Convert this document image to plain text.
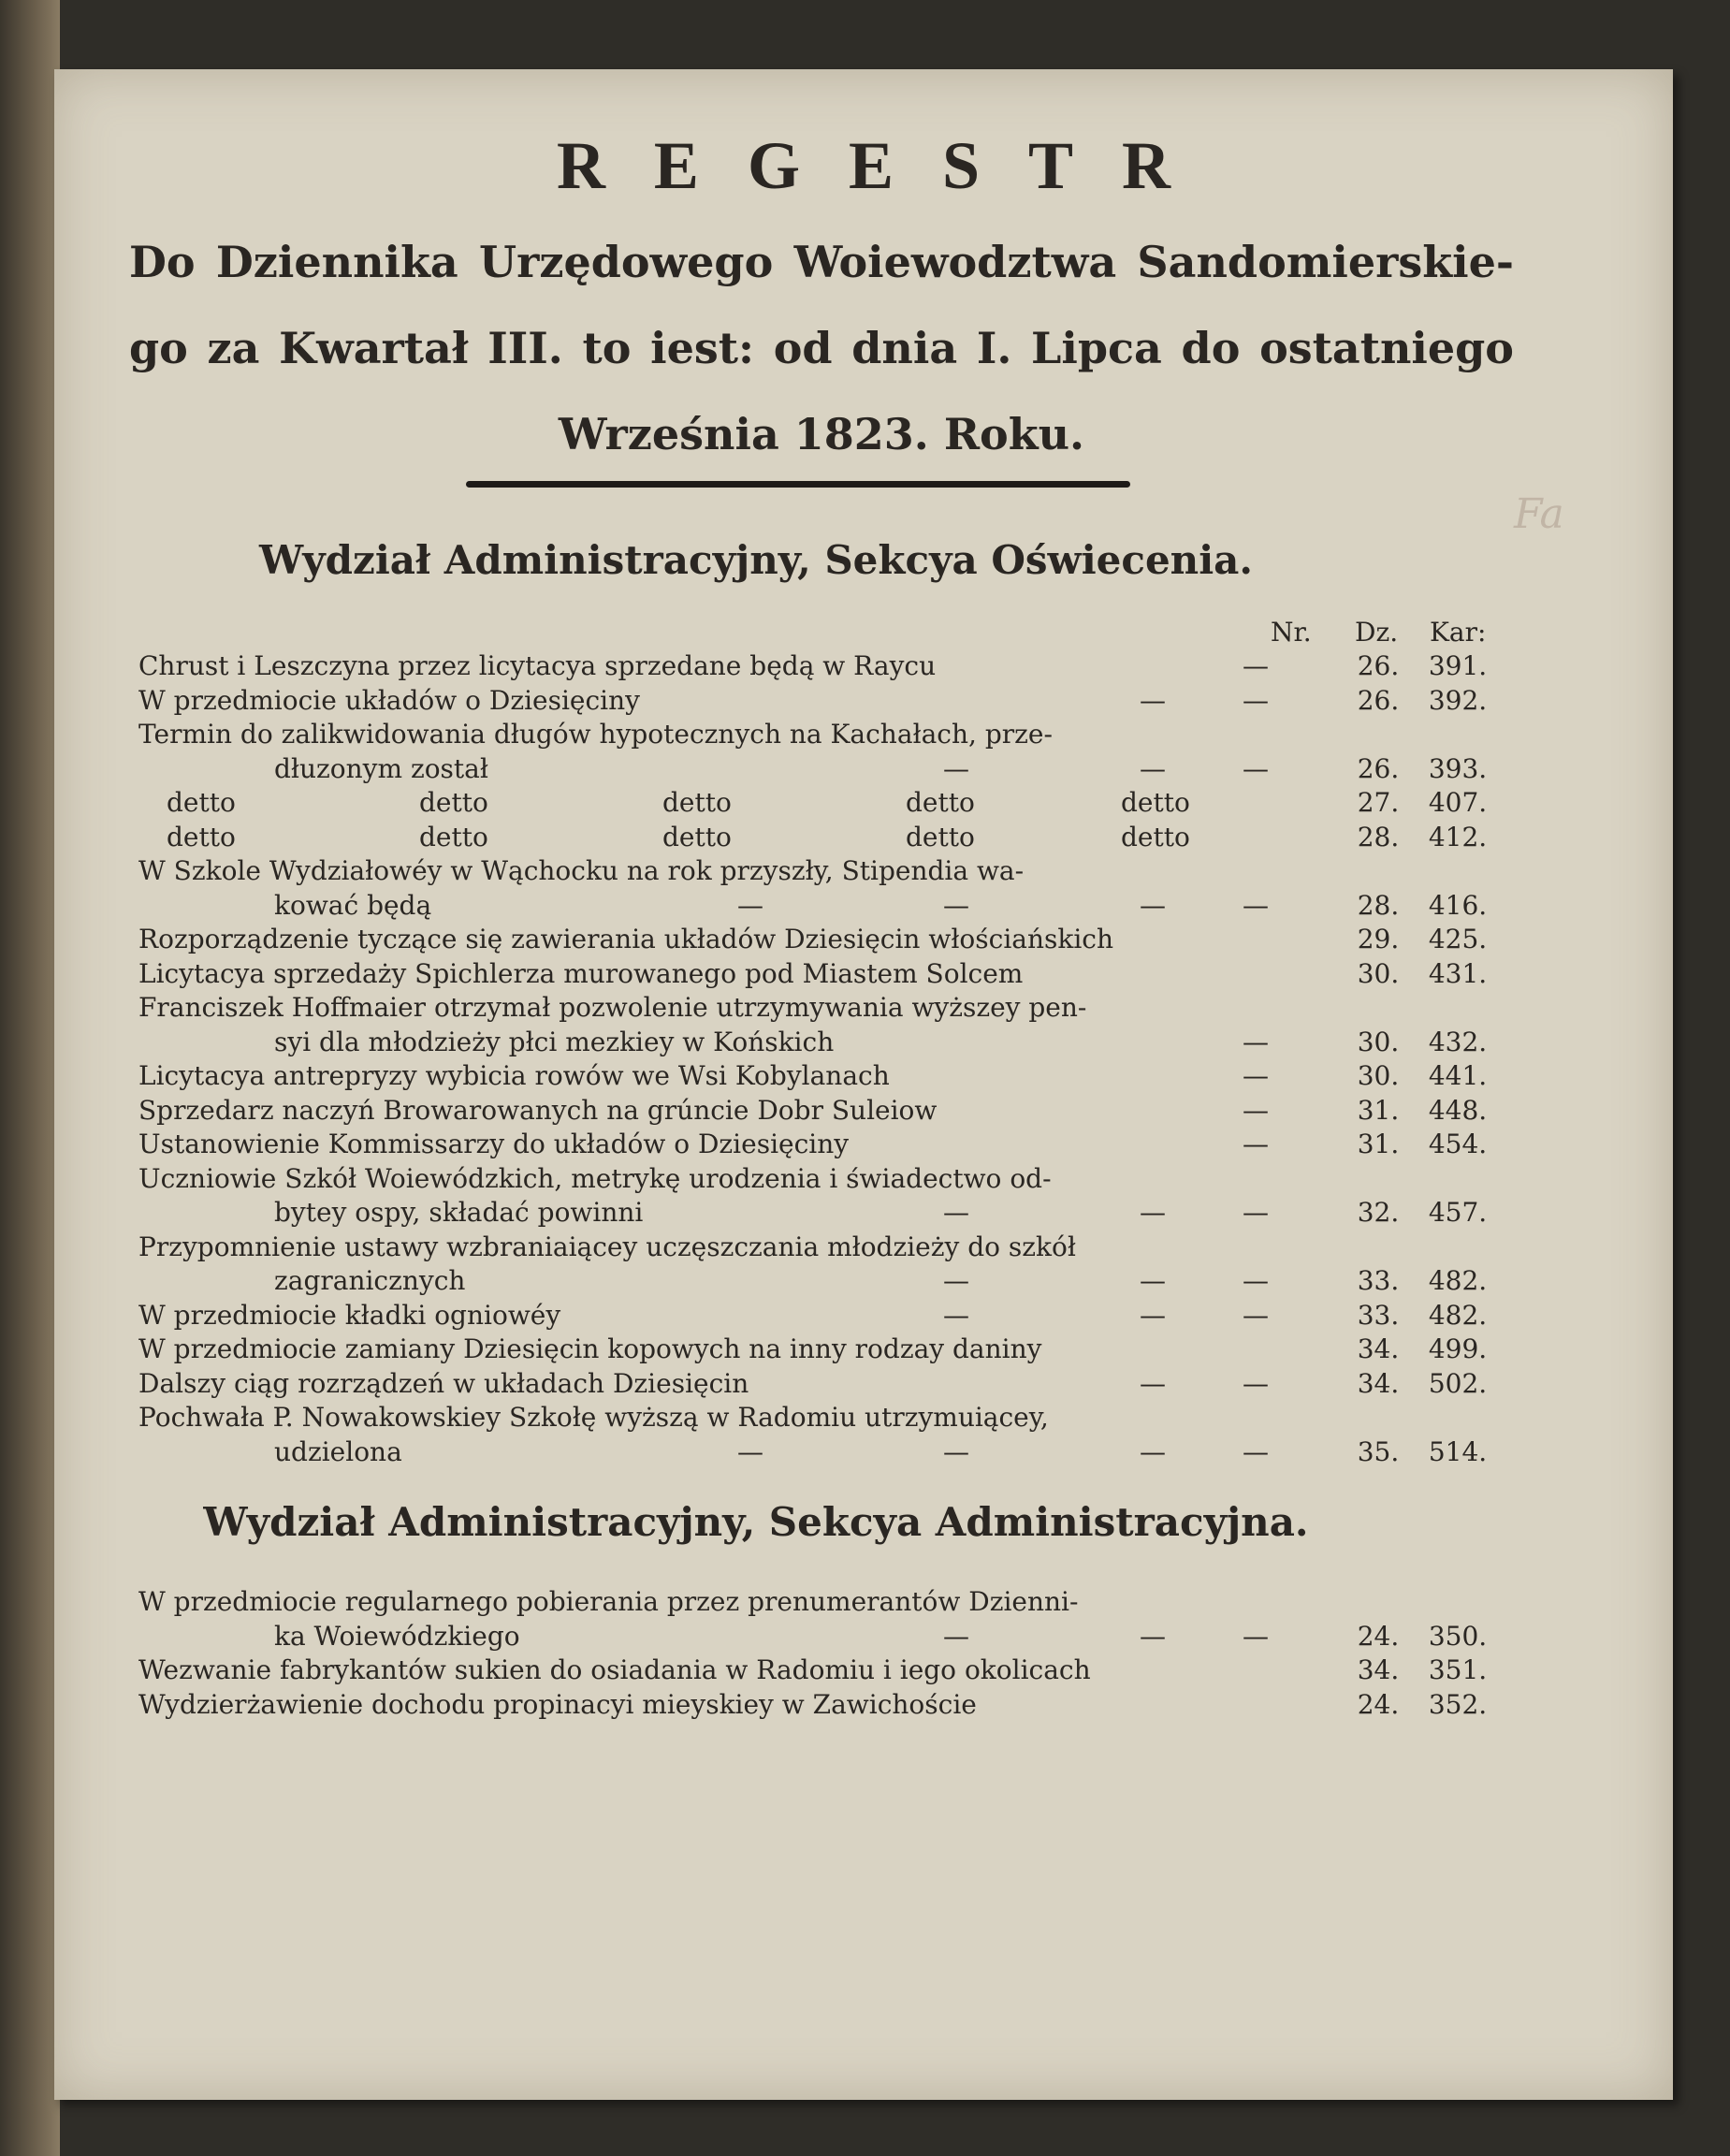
REGESTR
Do Dziennika Urzędowego Woiewodztwa Sandomierskie-go za Kwartał III. to iest: od dnia I. Lipca do ostatniego Września 1823. Roku.
Fa
Wydział Administracyjny, Sekcya Oświecenia.
Nr. Dz. Kar:
Chrust i Leszczyna przez licytacya sprzedane będą w Raycu	—	26.	391.
W przedmiocie układów o Dziesięciny	—	—	26.	392.
Termin do zalikwidowania długów hypotecznych na Kachałach, prze-
dłuzonym został	—	—	—	26.	393.
detto	detto	detto	detto	detto	27.	407.
detto	detto	detto	detto	detto	28.	412.
W Szkole Wydziałowéy w Wąchocku na rok przyszły, Stipendia wa-
kować będą	—	—	—	—	28.	416.
Rozporządzenie tyczące się zawierania układów Dziesięcin włościańskich	29.	425.
Licytacya sprzedaży Spichlerza murowanego pod Miastem Solcem	30.	431.
Franciszek Hoffmaier otrzymał pozwolenie utrzymywania wyższey pen-
syi dla młodzieży płci mezkiey w Końskich	—	30.	432.
Licytacya antrepryzy wybicia rowów we Wsi Kobylanach	—	30.	441.
Sprzedarz naczyń Browarowanych na grúncie Dobr Suleiow	—	31.	448.
Ustanowienie Kommissarzy do układów o Dziesięciny	—	31.	454.
Uczniowie Szkół Woiewódzkich, metrykę urodzenia i świadectwo od-
bytey ospy, składać powinni	—	—	—	32.	457.
Przypomnienie ustawy wzbraniaiącey uczęszczania młodzieży do szkół
zagranicznych	—	—	—	33.	482.
W przedmiocie kładki ogniowéy	—	—	—	33.	482.
W przedmiocie zamiany Dziesięcin kopowych na inny rodzay daniny	34.	499.
Dalszy ciąg rozrządzeń w układach Dziesięcin	—	—	34.	502.
Pochwała P. Nowakowskiey Szkołę wyższą w Radomiu utrzymuiącey,
udzielona	—	—	—	—	35.	514.
Wydział Administracyjny, Sekcya Administracyjna.
W przedmiocie regularnego pobierania przez prenumerantów Dzienni-
ka Woiewódzkiego	—	—	—	24.	350.
Wezwanie fabrykantów sukien do osiadania w Radomiu i iego okolicach	34.	351.
Wydzierżawienie dochodu propinacyi mieyskiey w Zawichoście	24.	352.
